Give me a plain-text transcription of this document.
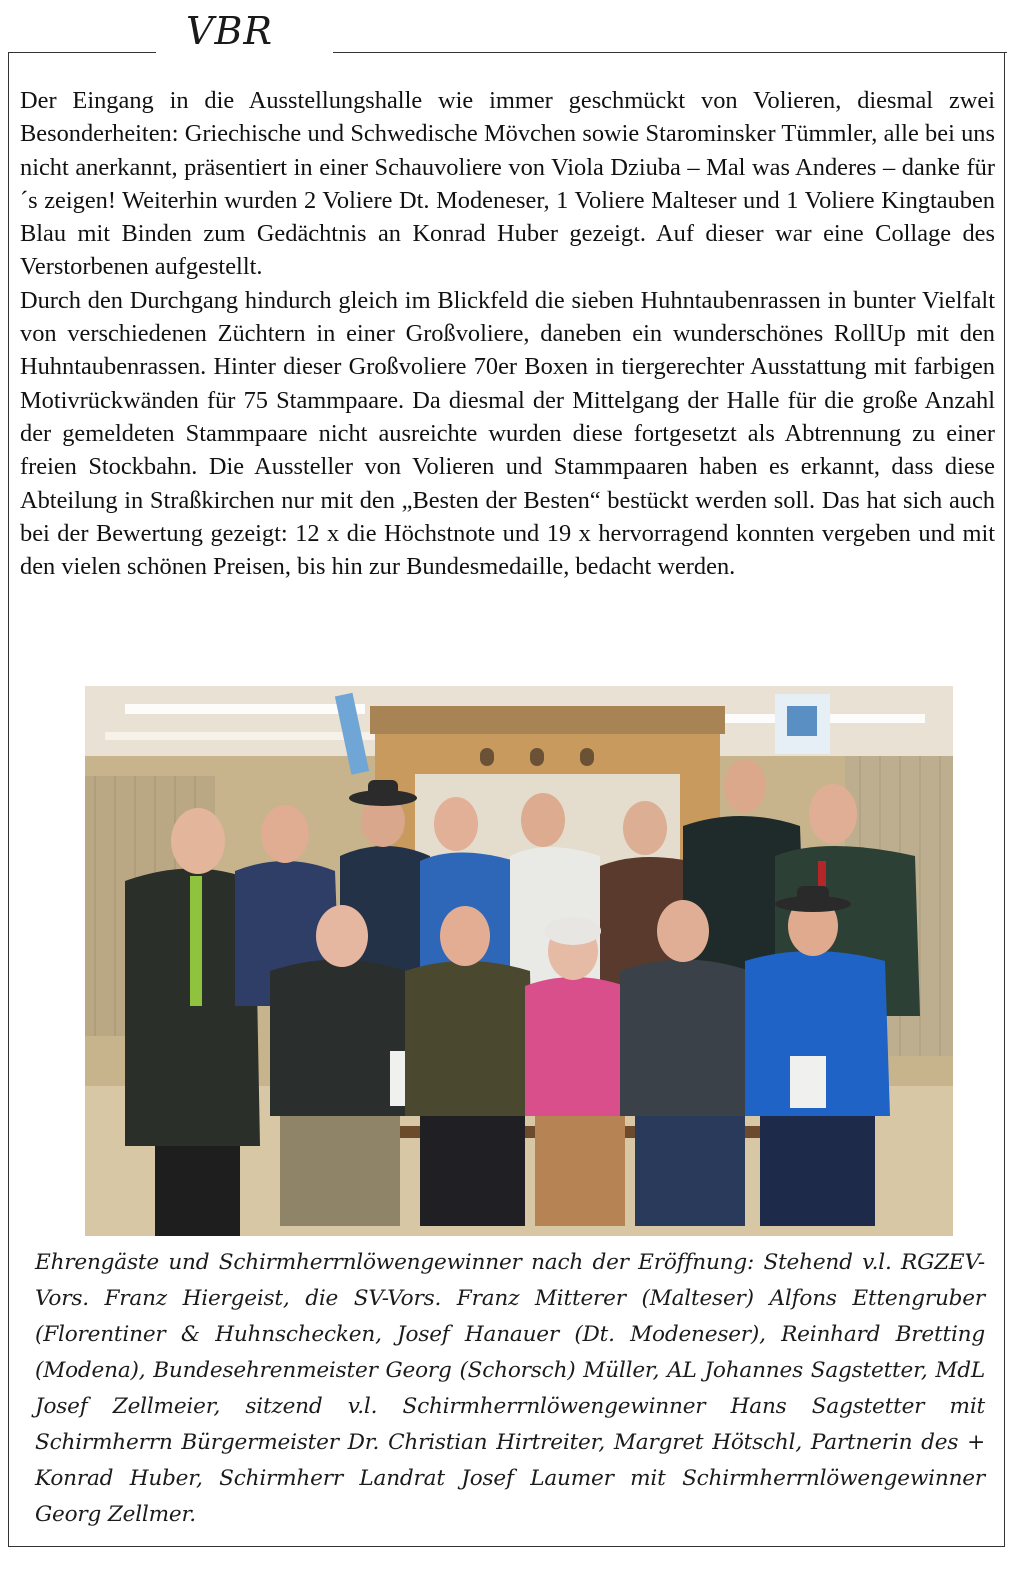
VBR

Der Eingang in die Ausstellungshalle wie immer geschmückt von Volieren, diesmal zwei Besonderheiten: Griechische und Schwedische Mövchen sowie Starominsker Tümmler, alle bei uns nicht anerkannt, präsentiert in einer Schauvoliere von Viola Dziuba – Mal was Anderes – danke für´s zeigen! Weiterhin wurden 2 Voliere Dt. Modeneser, 1 Voliere Malteser und 1 Voliere Kingtauben Blau mit Binden zum Gedächtnis an Konrad Huber gezeigt. Auf dieser war eine Collage des Verstorbenen aufgestellt.

Durch den Durchgang hindurch gleich im Blickfeld die sieben Huhntaubenrassen in bunter Vielfalt von verschiedenen Züchtern in einer Großvoliere, daneben ein wunderschönes RollUp mit den Huhntaubenrassen. Hinter dieser Großvoliere 70er Boxen in tiergerechter Ausstattung mit farbigen Motivrückwänden für 75 Stammpaare. Da diesmal der Mittelgang der Halle für die große Anzahl der gemeldeten Stammpaare nicht ausreichte wurden diese fortgesetzt als Abtrennung zu einer freien Stockbahn. Die Aussteller von Volieren und Stammpaaren haben es erkannt, dass diese Abteilung in Straßkirchen nur mit den „Besten der Besten“ bestückt werden soll. Das hat sich auch bei der Bewertung gezeigt: 12 x die Höchstnote und 19 x hervorragend konnten vergeben und mit den vielen schönen Preisen, bis hin zur Bundesmedaille, bedacht werden.

Ehrengäste und Schirmherrnlöwengewinner nach der Eröffnung: Stehend v.l. RGZEV-Vors. Franz Hiergeist, die SV-Vors. Franz Mitterer (Malteser) Alfons Ettengruber (Florentiner & Huhnschecken, Josef Hanauer (Dt. Modeneser), Reinhard Bretting (Modena), Bundesehrenmeister Georg (Schorsch) Müller, AL Johannes Sagstetter, MdL Josef Zellmeier, sitzend v.l. Schirmherrnlöwengewinner Hans Sagstetter mit Schirmherrn Bürgermeister Dr. Christian Hirtreiter, Margret Hötschl, Partnerin des + Konrad Huber, Schirmherr Landrat Josef Laumer mit Schirmherrnlöwengewinner Georg Zellmer.
